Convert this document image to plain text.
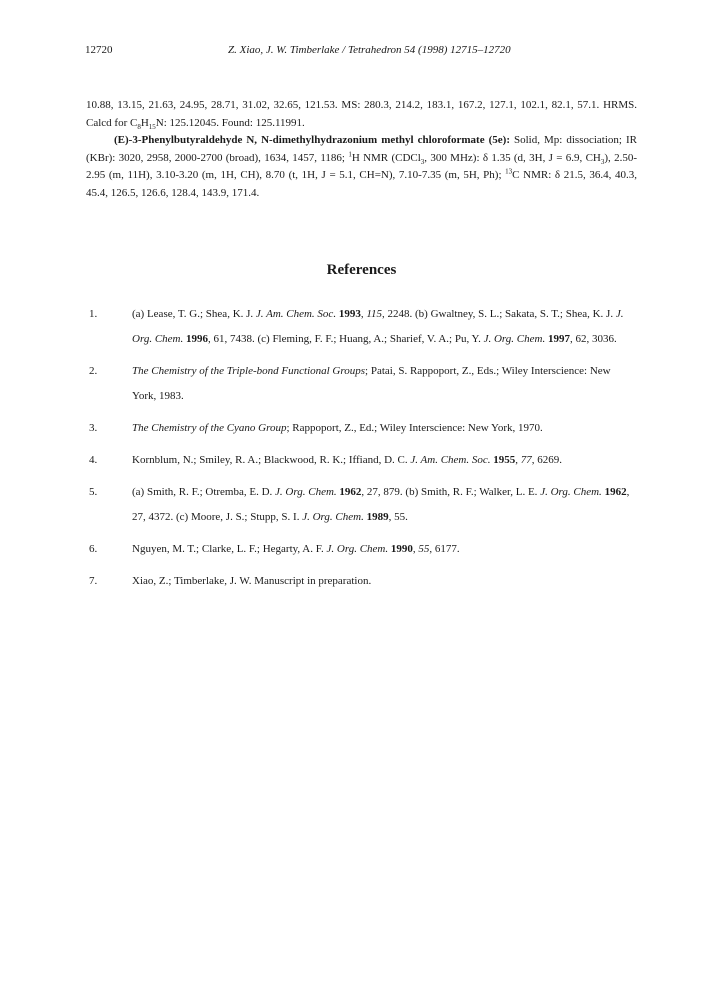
12720	Z. Xiao, J. W. Timberlake / Tetrahedron 54 (1998) 12715–12720

10.88, 13.15, 21.63, 24.95, 28.71, 31.02, 32.65, 121.53. MS: 280.3, 214.2, 183.1, 167.2, 127.1, 102.1, 82.1, 57.1. HRMS. Calcd for $C_8H_{15}N$: 125.12045. Found: 125.11991.

(E)-3-Phenylbutyraldehyde N, N-dimethylhydrazonium methyl chloroformate (5e): Solid, Mp: dissociation; IR (KBr): 3020, 2958, 2000-2700 (broad), 1634, 1457, 1186; $^1$H NMR (CDCl$_3$, 300 MHz): δ 1.35 (d, 3H, J = 6.9, $CH_3$), 2.50-2.95 (m, 11H), 3.10-3.20 (m, 1H, CH), 8.70 (t, 1H, J = 5.1, CH=N), 7.10-7.35 (m, 5H, Ph); $^{13}$C NMR: δ 21.5, 36.4, 40.3, 45.4, 126.5, 126.6, 128.4, 143.9, 171.4.

References
1.	(a) Lease, T. G.; Shea, K. J. J. Am. Chem. Soc. 1993, 115, 2248. (b) Gwaltney, S. L.; Sakata, S. T.; Shea, K. J. J. Org. Chem. 1996, 61, 7438. (c) Fleming, F. F.; Huang, A.; Sharief, V. A.; Pu, Y. J. Org. Chem. 1997, 62, 3036.
2.	The Chemistry of the Triple-bond Functional Groups; Patai, S. Rappoport, Z., Eds.; Wiley Interscience: New York, 1983.
3.	The Chemistry of the Cyano Group; Rappoport, Z., Ed.; Wiley Interscience: New York, 1970.
4.	Kornblum, N.; Smiley, R. A.; Blackwood, R. K.; Iffiand, D. C. J. Am. Chem. Soc. 1955, 77, 6269.
5.	(a) Smith, R. F.; Otremba, E. D. J. Org. Chem. 1962, 27, 879. (b) Smith, R. F.; Walker, L. E. J. Org. Chem. 1962, 27, 4372. (c) Moore, J. S.; Stupp, S. I. J. Org. Chem. 1989, 55.
6.	Nguyen, M. T.; Clarke, L. F.; Hegarty, A. F. J. Org. Chem. 1990, 55, 6177.
7.	Xiao, Z.; Timberlake, J. W. Manuscript in preparation.
